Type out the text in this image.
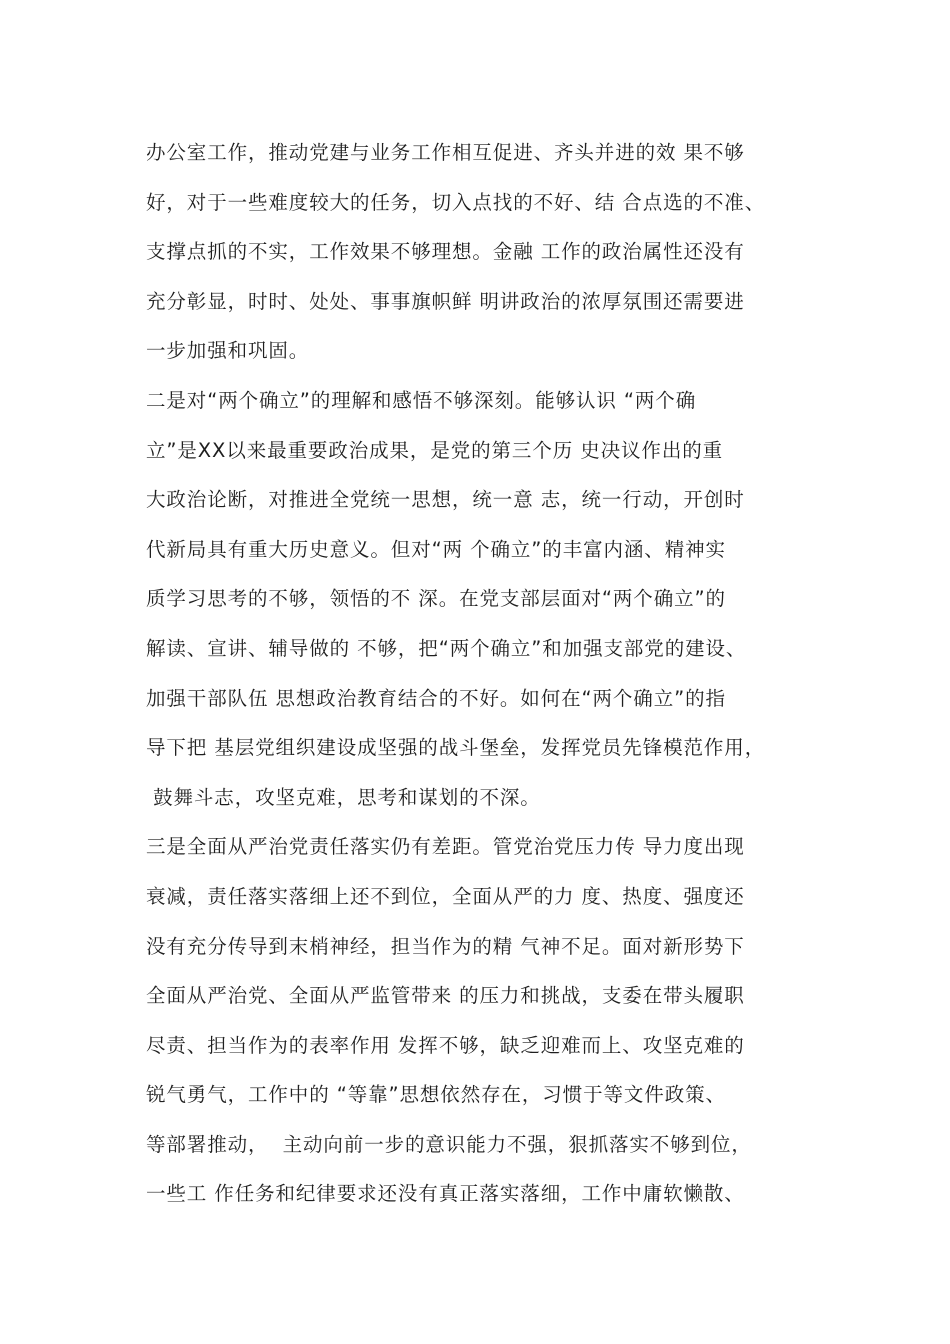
办公室工作，推动党建与业务工作相互促进、齐头并进的效 果不够
好，对于一些难度较大的任务，切入点找的不好、结 合点选的不准、
支撑点抓的不实，工作效果不够理想。金融 工作的政治属性还没有
充分彰显，时时、处处、事事旗帜鲜 明讲政治的浓厚氛围还需要进
一步加强和巩固。
二是对“两个确立”的理解和感悟不够深刻。能够认识 “两个确
立”是XX以来最重要政治成果，是党的第三个历 史决议作出的重
大政治论断，对推进全党统一思想，统一意 志，统一行动，开创时
代新局具有重大历史意义。但对“两 个确立”的丰富内涵、精神实
质学习思考的不够，领悟的不 深。在党支部层面对“两个确立”的
解读、宣讲、辅导做的 不够，把“两个确立”和加强支部党的建设、
加强干部队伍 思想政治教育结合的不好。如何在“两个确立”的指
导下把 基层党组织建设成坚强的战斗堡垒，发挥党员先锋模范作用，
鼓舞斗志，攻坚克难，思考和谋划的不深。
三是全面从严治党责任落实仍有差距。管党治党压力传 导力度出现
衰减，责任落实落细上还不到位，全面从严的力 度、热度、强度还
没有充分传导到末梢神经，担当作为的精 气神不足。面对新形势下
全面从严治党、全面从严监管带来 的压力和挑战，支委在带头履职
尽责、担当作为的表率作用 发挥不够，缺乏迎难而上、攻坚克难的
锐气勇气，工作中的 “等靠”思想依然存在，习惯于等文件政策、
等部署推动，  主动向前一步的意识能力不强，狠抓落实不够到位，
一些工 作任务和纪律要求还没有真正落实落细，工作中庸软懒散、
